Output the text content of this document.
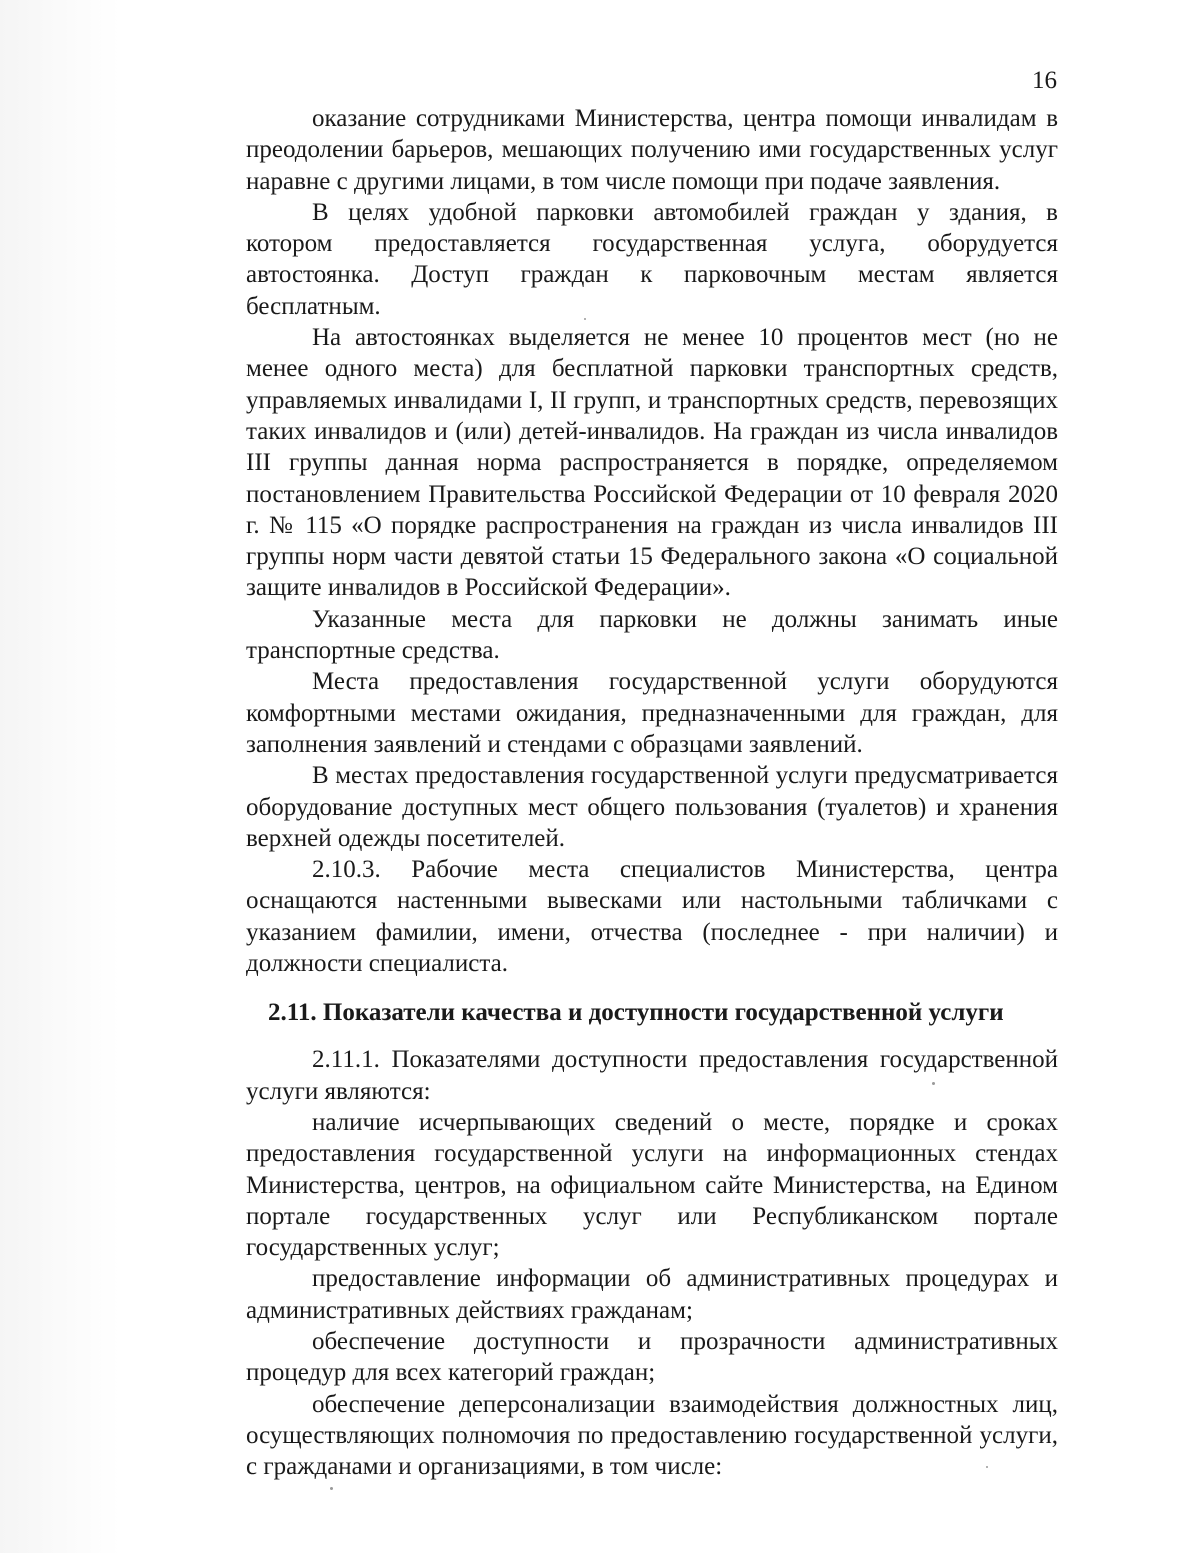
16

оказание сотрудниками Министерства, центра помощи инвалидам в преодолении барьеров, мешающих получению ими государственных услуг наравне с другими лицами, в том числе помощи при подаче заявления.

В целях удобной парковки автомобилей граждан у здания, в котором предоставляется государственная услуга, оборудуется автостоянка. Доступ граждан к парковочным местам является бесплатным.

На автостоянках выделяется не менее 10 процентов мест (но не менее одного места) для бесплатной парковки транспортных средств, управляемых инвалидами I, II групп, и транспортных средств, перевозящих таких инвалидов и (или) детей-инвалидов. На граждан из числа инвалидов III группы данная норма распространяется в порядке, определяемом постановлением Правительства Российской Федерации от 10 февраля 2020 г. № 115 «О порядке распространения на граждан из числа инвалидов III группы норм части девятой статьи 15 Федерального закона «О социальной защите инвалидов в Российской Федерации».

Указанные места для парковки не должны занимать иные транспортные средства.

Места предоставления государственной услуги оборудуются комфортными местами ожидания, предназначенными для граждан, для заполнения заявлений и стендами с образцами заявлений.

В местах предоставления государственной услуги предусматривается оборудование доступных мест общего пользования (туалетов) и хранения верхней одежды посетителей.

2.10.3. Рабочие места специалистов Министерства, центра оснащаются настенными вывесками или настольными табличками с указанием фамилии, имени, отчества (последнее - при наличии) и должности специалиста.

2.11. Показатели качества и доступности государственной услуги

2.11.1. Показателями доступности предоставления государственной услуги являются:

наличие исчерпывающих сведений о месте, порядке и сроках предоставления государственной услуги на информационных стендах Министерства, центров, на официальном сайте Министерства, на Едином портале государственных услуг или Республиканском портале государственных услуг;

предоставление информации об административных процедурах и административных действиях гражданам;

обеспечение доступности и прозрачности административных процедур для всех категорий граждан;

обеспечение деперсонализации взаимодействия должностных лиц, осуществляющих полномочия по предоставлению государственной услуги, с гражданами и организациями, в том числе:
